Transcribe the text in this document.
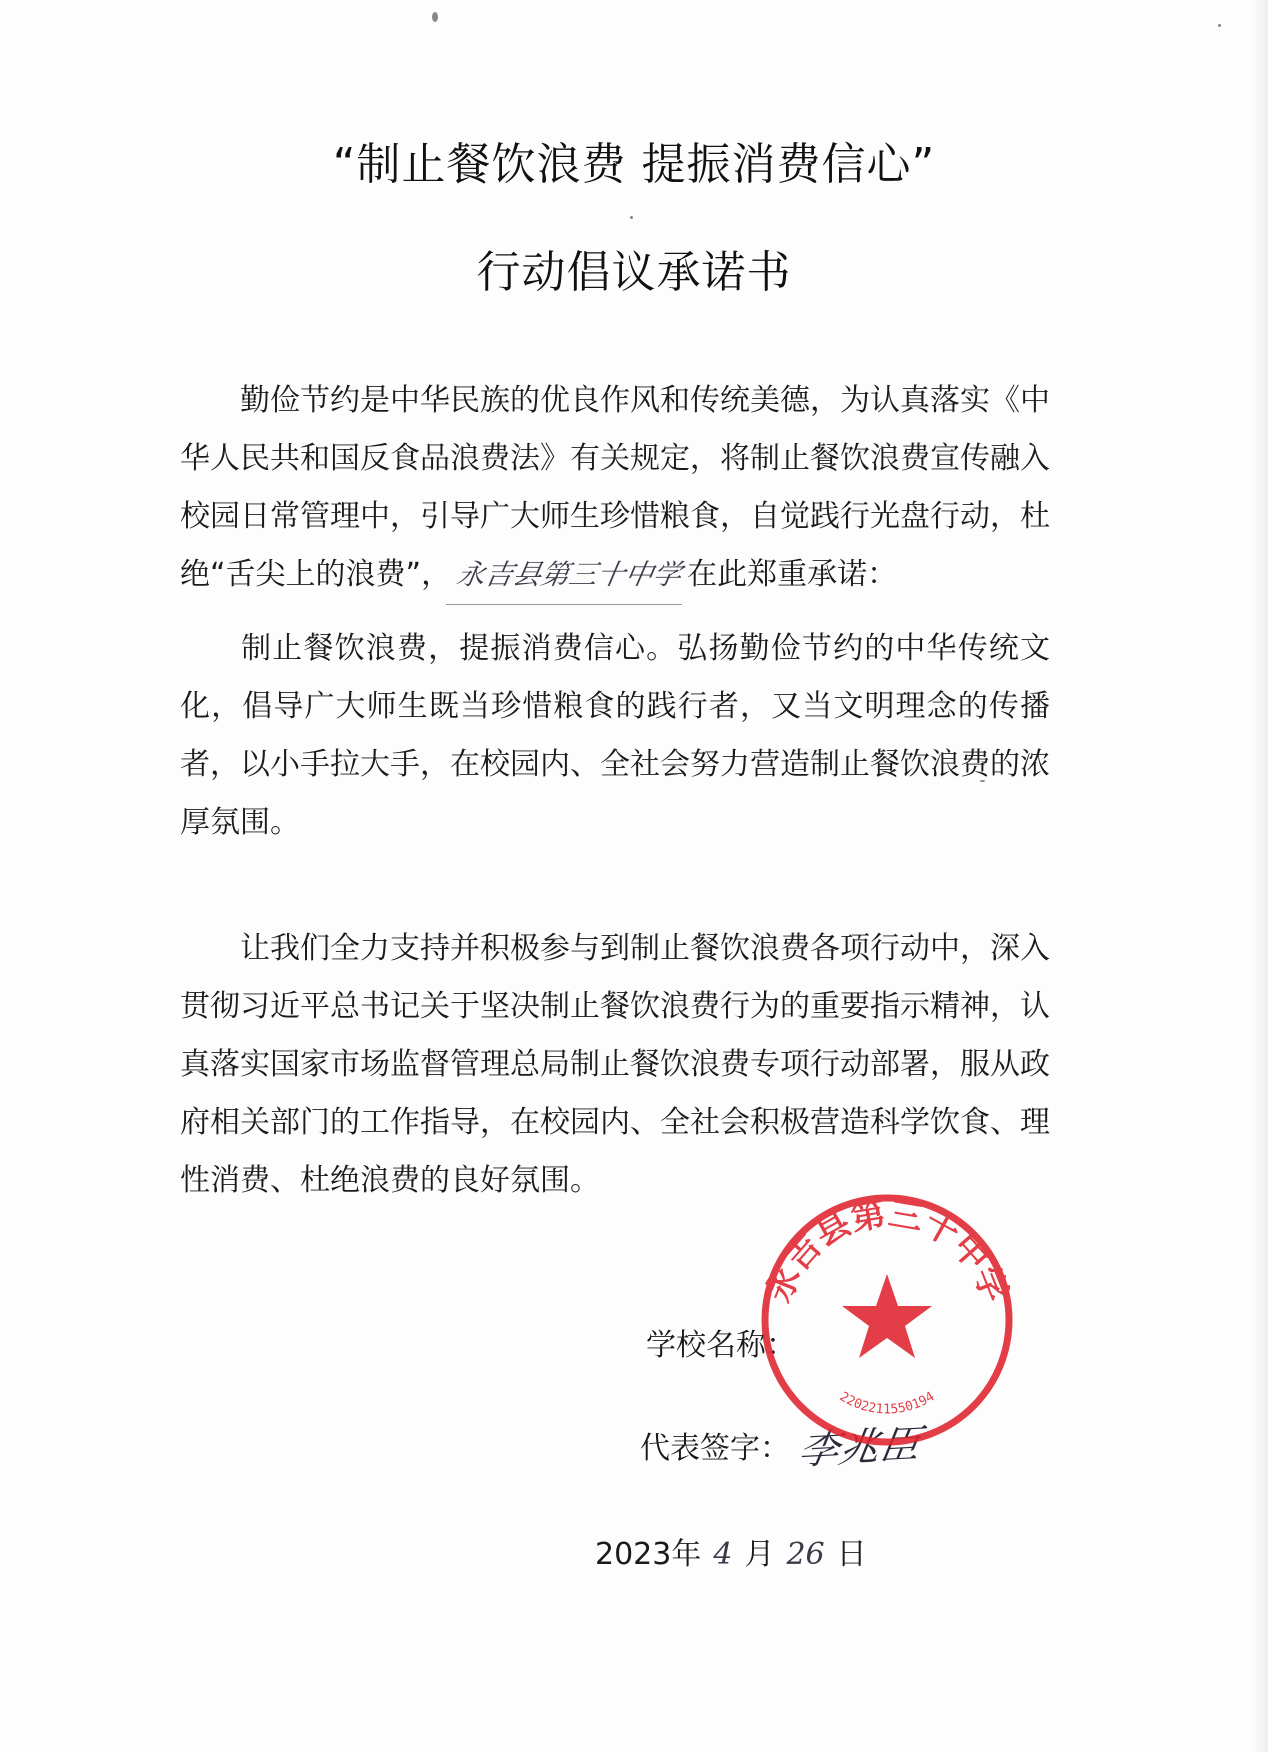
“制止餐饮浪费 提振消费信心”
行动倡议承诺书
勤俭节约是中华民族的优良作风和传统美德，为认真落实《中华人民共和国反食品浪费法》有关规定，将制止餐饮浪费宣传融入校园日常管理中，引导广大师生珍惜粮食，自觉践行光盘行动，杜绝“舌尖上的浪费”， 永吉县第三十中学在此郑重承诺：
制止餐饮浪费，提振消费信心。弘扬勤俭节约的中华传统文化，倡导广大师生既当珍惜粮食的践行者，又当文明理念的传播者，以小手拉大手，在校园内、全社会努力营造制止餐饮浪费的浓厚氛围。
让我们全力支持并积极参与到制止餐饮浪费各项行动中，深入贯彻习近平总书记关于坚决制止餐饮浪费行为的重要指示精神，认真落实国家市场监督管理总局制止餐饮浪费专项行动部署，服从政府相关部门的工作指导，在校园内、全社会积极营造科学饮食、理性消费、杜绝浪费的良好氛围。
学校名称：
代表签字： 李兆臣
2023年 4 月 26 日
永吉县第三十中学
2202211550194
